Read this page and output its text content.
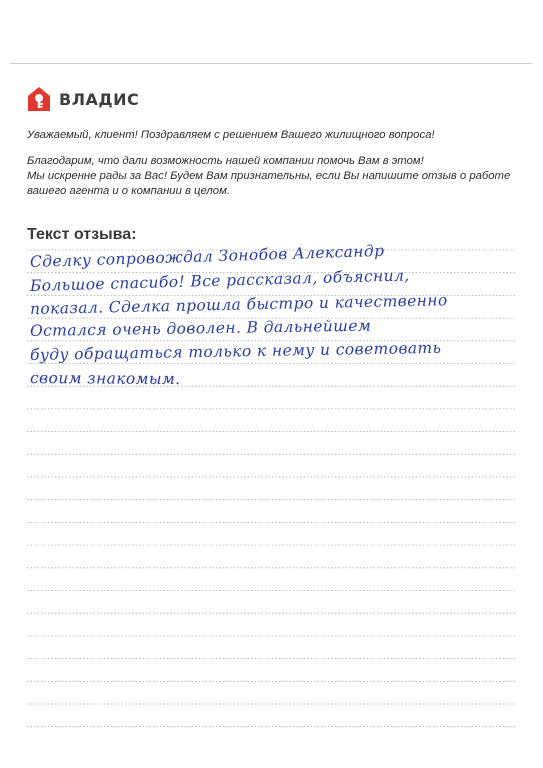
ВЛАДИС
Уважаемый, клиент! Поздравляем с решением Вашего жилищного вопроса!
Благодарим, что дали возможность нашей компании помочь Вам в этом!
Мы искренне рады за Вас! Будем Вам признательны, если Вы напишите отзыв о работе
вашего агента и о компании в целом.
Текст отзыва:
Сделку сопровождал Зонобов Александр
Большое спасибо! Все рассказал, объяснил,
показал. Сделка прошла быстро и качественно
Остался очень доволен. В дальнейшем
буду обращаться только к нему и советовать
своим знакомым.
